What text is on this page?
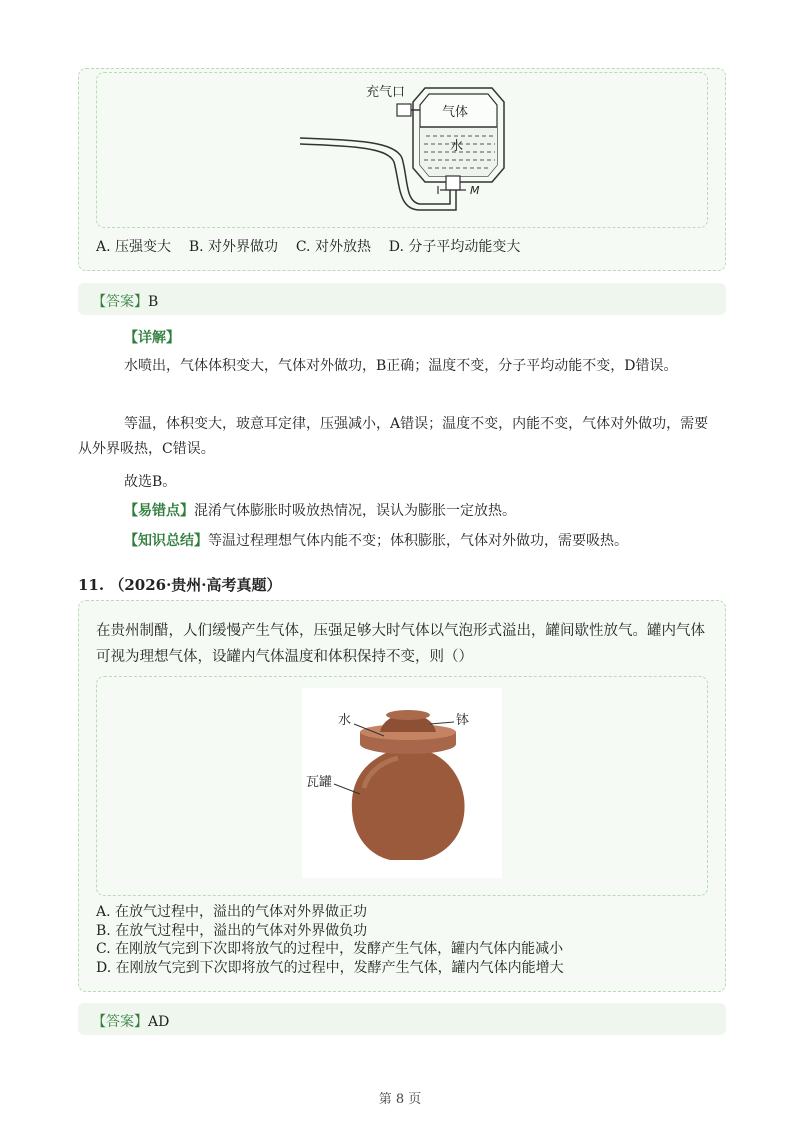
充气口
气体
水
M
A. 压强变大 B. 对外界做功 C. 对外放热 D. 分子平均动能变大
【答案】B
【详解】
水喷出，气体体积变大，气体对外做功，B正确；温度不变，分子平均动能不变，D错误。
等温，体积变大，玻意耳定律，压强减小，A错误；温度不变，内能不变，气体对外做功，需要从外界吸热，C错误。
故选B。
【易错点】混淆气体膨胀时吸放热情况，误认为膨胀一定放热。
【知识总结】等温过程理想气体内能不变；体积膨胀，气体对外做功，需要吸热。
11. （2026·贵州·高考真题）
在贵州制醋，人们缓慢产生气体，压强足够大时气体以气泡形式溢出，罐间歇性放气。罐内气体可视为理想气体，设罐内气体温度和体积保持不变，则（）
水	钵
瓦罐
A. 在放气过程中，溢出的气体对外界做正功
B. 在放气过程中，溢出的气体对外界做负功
C. 在刚放气完到下次即将放气的过程中，发酵产生气体，罐内气体内能减小
D. 在刚放气完到下次即将放气的过程中，发酵产生气体，罐内气体内能增大
【答案】AD
第 8 页
